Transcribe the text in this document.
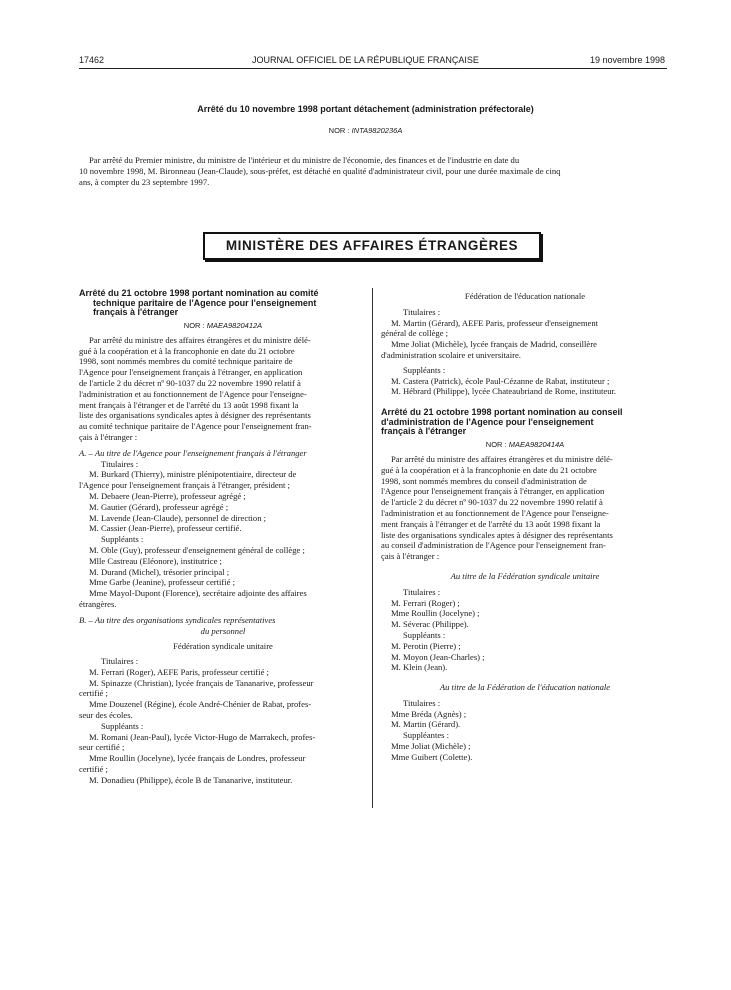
17462	JOURNAL OFFICIEL DE LA RÉPUBLIQUE FRANÇAISE	19 novembre 1998
Arrêté du 10 novembre 1998 portant détachement (administration préfectorale)
NOR : INTA9820236A
Par arrêté du Premier ministre, du ministre de l'intérieur et du ministre de l'économie, des finances et de l'industrie en date du
10 novembre 1998, M. Bironneau (Jean-Claude), sous-préfet, est détaché en qualité d'administrateur civil, pour une durée maximale de cinq
ans, à compter du 23 septembre 1997.
MINISTÈRE DES AFFAIRES ÉTRANGÈRES
Arrêté du 21 octobre 1998 portant nomination au comité
technique paritaire de l'Agence pour l'enseignement
français à l'étranger
NOR : MAEA9820412A
Par arrêté du ministre des affaires étrangères et du ministre délé-
gué à la coopération et à la francophonie en date du 21 octobre
1998, sont nommés membres du comité technique paritaire de
l'Agence pour l'enseignement français à l'étranger, en application
de l'article 2 du décret nº 90-1037 du 22 novembre 1990 relatif à
l'administration et au fonctionnement de l'Agence pour l'enseigne-
ment français à l'étranger et de l'arrêté du 13 août 1998 fixant la
liste des organisations syndicales aptes à désigner des représentants
au comité technique paritaire de l'Agence pour l'enseignement fran-
çais à l'étranger :
A. – Au titre de l'Agence pour l'enseignement français à l'étranger
Titulaires :
M. Burkard (Thierry), ministre plénipotentiaire, directeur de
l'Agence pour l'enseignement français à l'étranger, président ;
M. Debaere (Jean-Pierre), professeur agrégé ;
M. Gautier (Gérard), professeur agrégé ;
M. Lavende (Jean-Claude), personnel de direction ;
M. Cassier (Jean-Pierre), professeur certifié.
Suppléants :
M. Oble (Guy), professeur d'enseignement général de collège ;
Mlle Castreau (Eléonore), institutrice ;
M. Durand (Michel), trésorier principal ;
Mme Garbe (Jeanine), professeur certifié ;
Mme Mayol-Dupont (Florence), secrétaire adjointe des affaires
étrangères.
B. – Au titre des organisations syndicales représentatives
du personnel
Fédération syndicale unitaire
Titulaires :
M. Ferrari (Roger), AEFE Paris, professeur certifié ;
M. Spinazze (Christian), lycée français de Tananarive, professeur
certifié ;
Mme Douzenel (Régine), école André-Chénier de Rabat, profes-
seur des écoles.
Suppléants :
M. Romani (Jean-Paul), lycée Victor-Hugo de Marrakech, profes-
seur certifié ;
Mme Roullin (Jocelyne), lycée français de Londres, professeur
certifié ;
M. Donadieu (Philippe), école B de Tananarive, instituteur.
Fédération de l'éducation nationale
Titulaires :
M. Martin (Gérard), AEFE Paris, professeur d'enseignement
général de collège ;
Mme Joliat (Michèle), lycée français de Madrid, conseillère
d'administration scolaire et universitaire.
Suppléants :
M. Castera (Patrick), école Paul-Cézanne de Rabat, instituteur ;
M. Hébrard (Philippe), lycée Chateaubriand de Rome, instituteur.
Arrêté du 21 octobre 1998 portant nomination au conseil
d'administration de l'Agence pour l'enseignement
français à l'étranger
NOR : MAEA9820414A
Par arrêté du ministre des affaires étrangères et du ministre délé-
gué à la coopération et à la francophonie en date du 21 octobre
1998, sont nommés membres du conseil d'administration de
l'Agence pour l'enseignement français à l'étranger, en application
de l'article 2 du décret nº 90-1037 du 22 novembre 1990 relatif à
l'administration et au fonctionnement de l'Agence pour l'enseigne-
ment français à l'étranger et de l'arrêté du 13 août 1998 fixant la
liste des organisations syndicales aptes à désigner des représentants
au conseil d'administration de l'Agence pour l'enseignement fran-
çais à l'étranger :
Au titre de la Fédération syndicale unitaire
Titulaires :
M. Ferrari (Roger) ;
Mme Roullin (Jocelyne) ;
M. Séverac (Philippe).
Suppléants :
M. Perotin (Pierre) ;
M. Moyon (Jean-Charles) ;
M. Klein (Jean).
Au titre de la Fédération de l'éducation nationale
Titulaires :
Mme Bréda (Agnès) ;
M. Martin (Gérard).
Suppléantes :
Mme Joliat (Michèle) ;
Mme Guibert (Colette).
